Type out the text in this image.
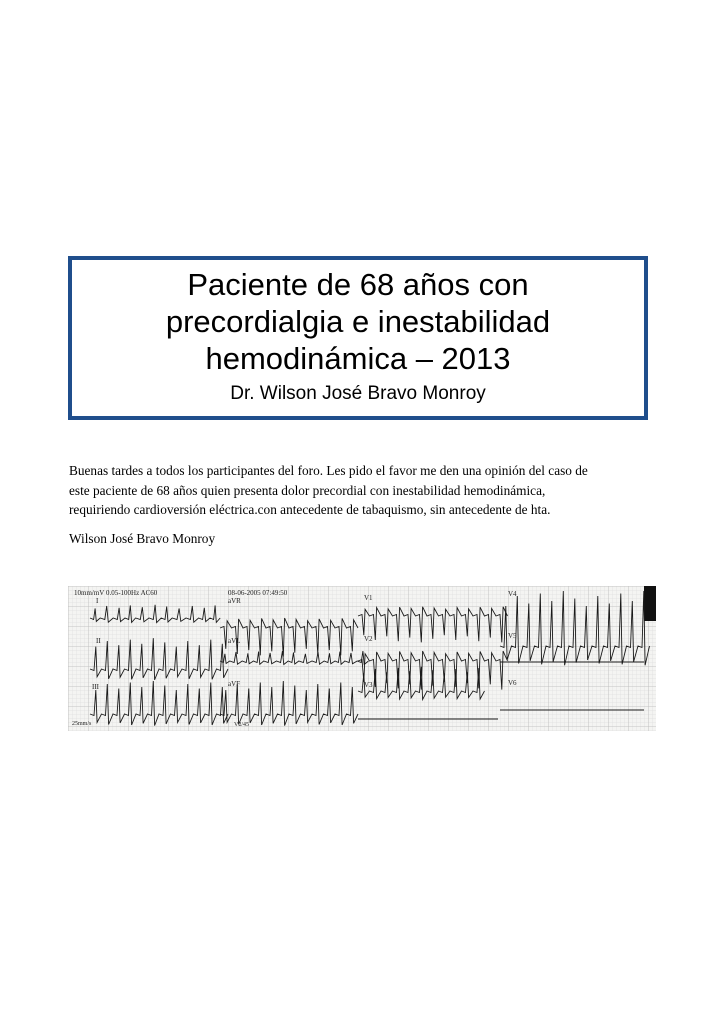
Paciente de 68 años con
precordialgia e inestabilidad
hemodinámica – 2013
Dr. Wilson José Bravo Monroy
Buenas tardes a todos los participantes del foro. Les pido el favor me den una opinión del caso de
este paciente de 68 años quien presenta dolor precordial con inestabilidad hemodinámica,
requiriendo cardioversión eléctrica.con antecedente de tabaquismo, sin antecedente de hta.
Wilson José Bravo Monroy
10mm/mV 0.05-100Hz AC60	08-06-2005 07:49:50
25mm/s
I	aVR	V1	V4
II	aVL	V2	V5
III	aVF	V3	V6
V2/45
